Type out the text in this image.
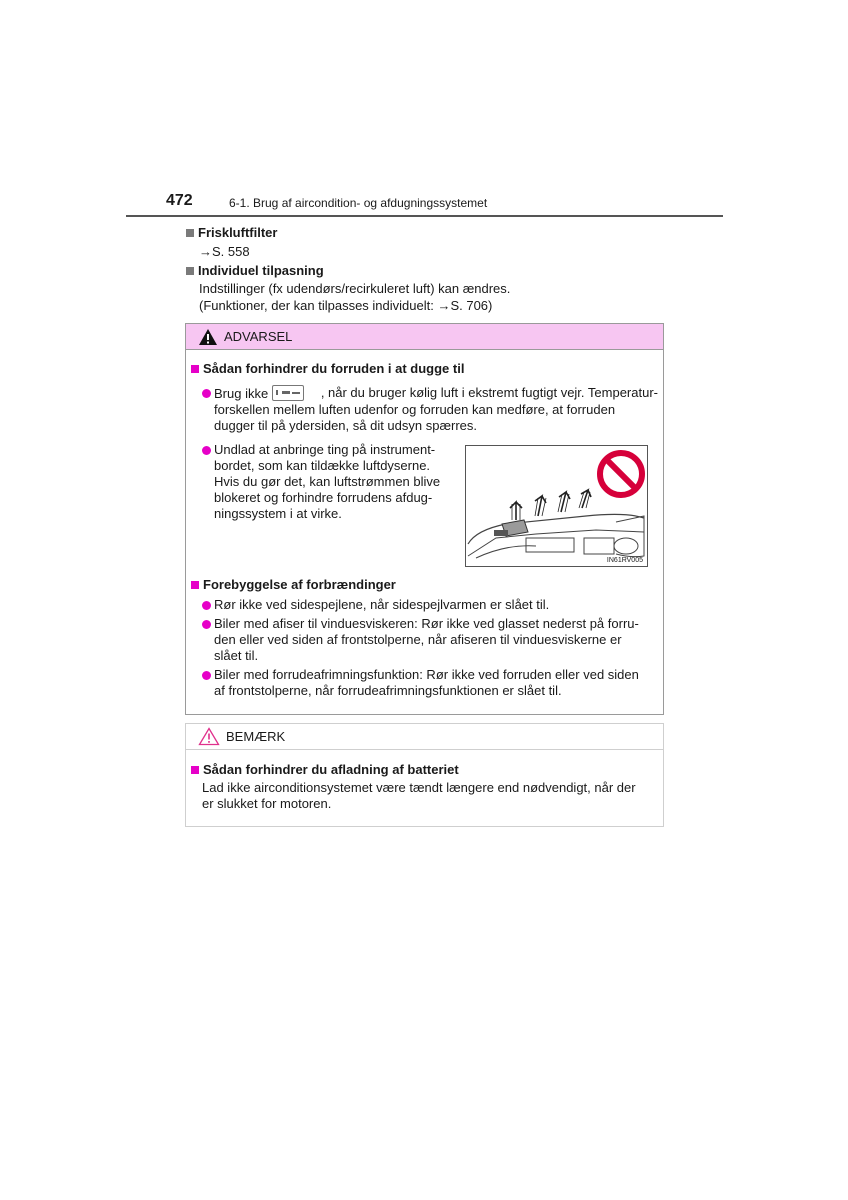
472	6-1. Brug af aircondition- og afdugningssystemet
Friskluftfilter
→S. 558
Individuel tilpasning
Indstillinger (fx udendørs/recirkuleret luft) kan ændres.
(Funktioner, der kan tilpasses individuelt: →S. 706)
ADVARSEL
Sådan forhindrer du forruden i at dugge til
Brug ikke	, når du bruger kølig luft i ekstremt fugtigt vejr. Temperatur-
forskellen mellem luften udenfor og forruden kan medføre, at forruden
dugger til på ydersiden, så dit udsyn spærres.
Undlad at anbringe ting på instrument-
bordet, som kan tildække luftdyserne.
Hvis du gør det, kan luftstrømmen blive
blokeret og forhindre forrudens afdug-
ningssystem i at virke.
IN61RV005
Forebyggelse af forbrændinger
Rør ikke ved sidespejlene, når sidespejlvarmen er slået til.
Biler med afiser til vinduesviskeren: Rør ikke ved glasset nederst på forru-
den eller ved siden af frontstolperne, når afiseren til vinduesviskerne er
slået til.
Biler med forrudeafrimningsfunktion: Rør ikke ved forruden eller ved siden
af frontstolperne, når forrudeafrimningsfunktionen er slået til.
BEMÆRK
Sådan forhindrer du afladning af batteriet
Lad ikke airconditionsystemet være tændt længere end nødvendigt, når der
er slukket for motoren.
